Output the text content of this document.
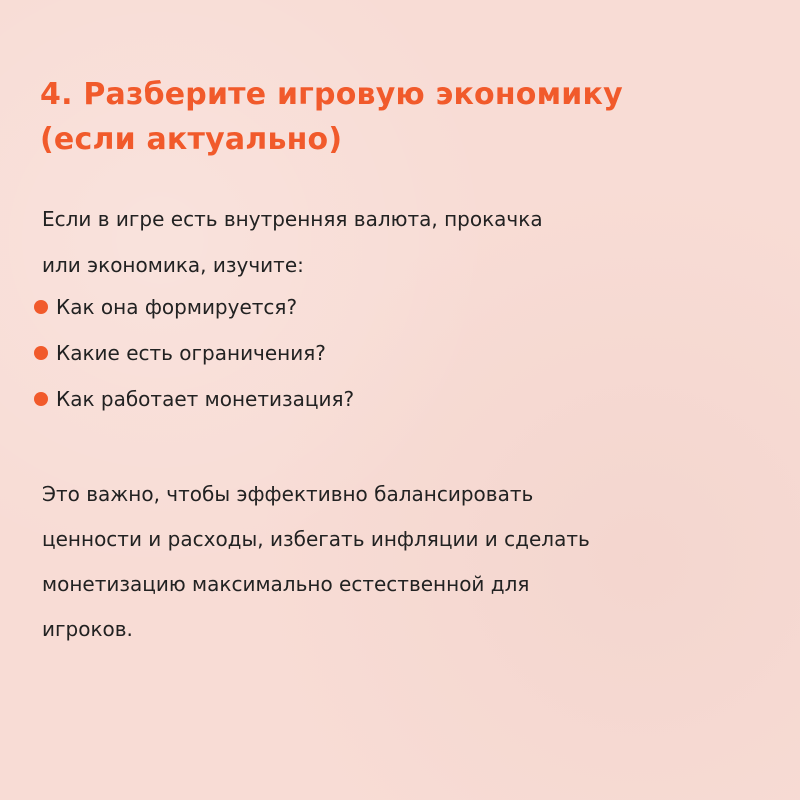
4. Разберите игровую экономику
(если актуально)

Если в игре есть внутренняя валюта, прокачка
или экономика, изучите:

Как она формируется?
Какие есть ограничения?
Как работает монетизация?

Это важно, чтобы эффективно балансировать
ценности и расходы, избегать инфляции и сделать
монетизацию максимально естественной для
игроков.
